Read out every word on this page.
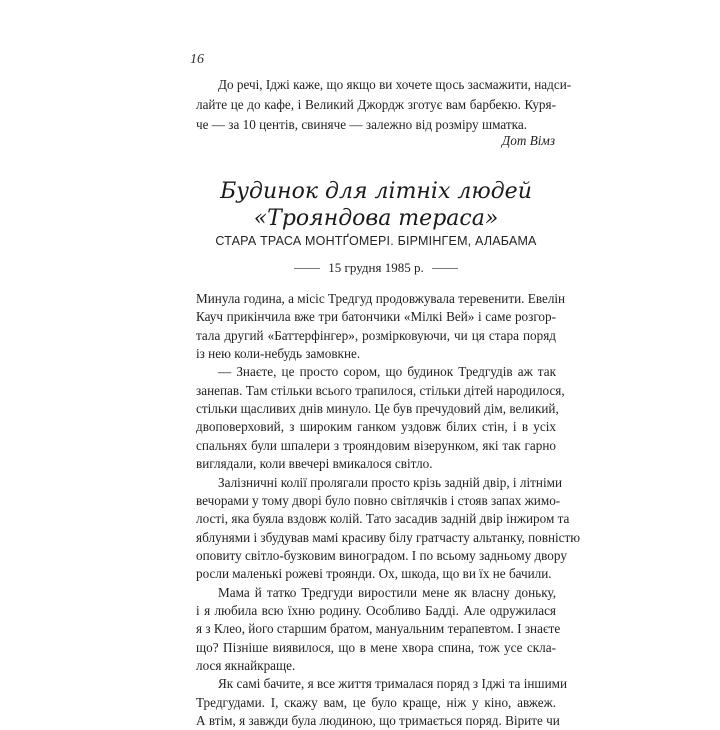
16
До речі, Іджі каже, що якщо ви хочете щось засмажити, надси-
лайте це до кафе, і Великий Джордж зготує вам барбекю. Куря-
че — за 10 центів, свиняче — залежно від розміру шматка.
Дот Вімз
Будинок для літніх людей
«Трояндова тераса»
СТАРА ТРАСА МОНТҐОМЕРІ. БІРМІНГЕМ, АЛАБАМА
15 грудня 1985 р.
Минула година, а місіс Тредгуд продовжувала теревенити. Евелін
Кауч прикінчила вже три батончики «Мілкі Вей» і саме розгор-
тала другий «Баттерфінгер», розмірковуючи, чи ця стара поряд
із нею коли-небудь замовкне.
— Знаєте, це просто сором, що будинок Тредгудів аж так
занепав. Там стільки всього трапилося, стільки дітей народилося,
стільки щасливих днів минуло. Це був пречудовий дім, великий,
двоповерховий, з широким ганком уздовж білих стін, і в усіх
спальнях були шпалери з трояндовим візерунком, які так гарно
виглядали, коли ввечері вмикалося світло.
Залізничні колії пролягали просто крізь задній двір, і літніми
вечорами у тому дворі було повно світлячків і стояв запах жимо-
лості, яка буяла вздовж колій. Тато засадив задній двір інжиром та
яблунями і збудував мамі красиву білу гратчасту альтанку, повністю
оповиту світло-бузковим виноградом. І по всьому задньому двору
росли маленькі рожеві троянди. Ох, шкода, що ви їх не бачили.
Мама й татко Тредгуди виростили мене як власну доньку,
і я любила всю їхню родину. Особливо Бадді. Але одружилася
я з Клео, його старшим братом, мануальним терапевтом. І знаєте
що? Пізніше виявилося, що в мене хвора спина, тож усе скла-
лося якнайкраще.
Як самі бачите, я все життя трималася поряд з Іджі та іншими
Тредгудами. І, скажу вам, це було краще, ніж у кіно, авжеж.
А втім, я завжди була людиною, що тримається поряд. Вірите чи
